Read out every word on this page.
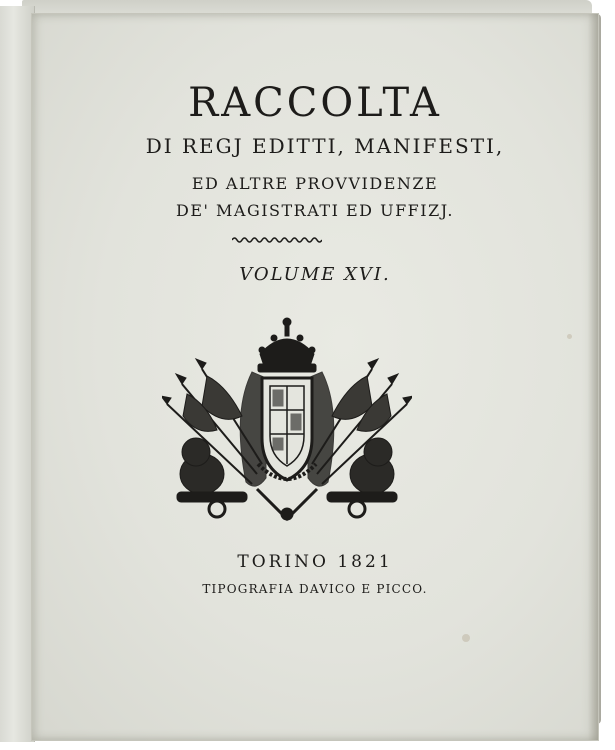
RACCOLTA
DI REGJ EDITTI, MANIFESTI,
ED ALTRE PROVVIDENZE
DE' MAGISTRATI ED UFFIZJ.
VOLUME XVI.
TORINO 1821
TIPOGRAFIA DAVICO E PICCO.
